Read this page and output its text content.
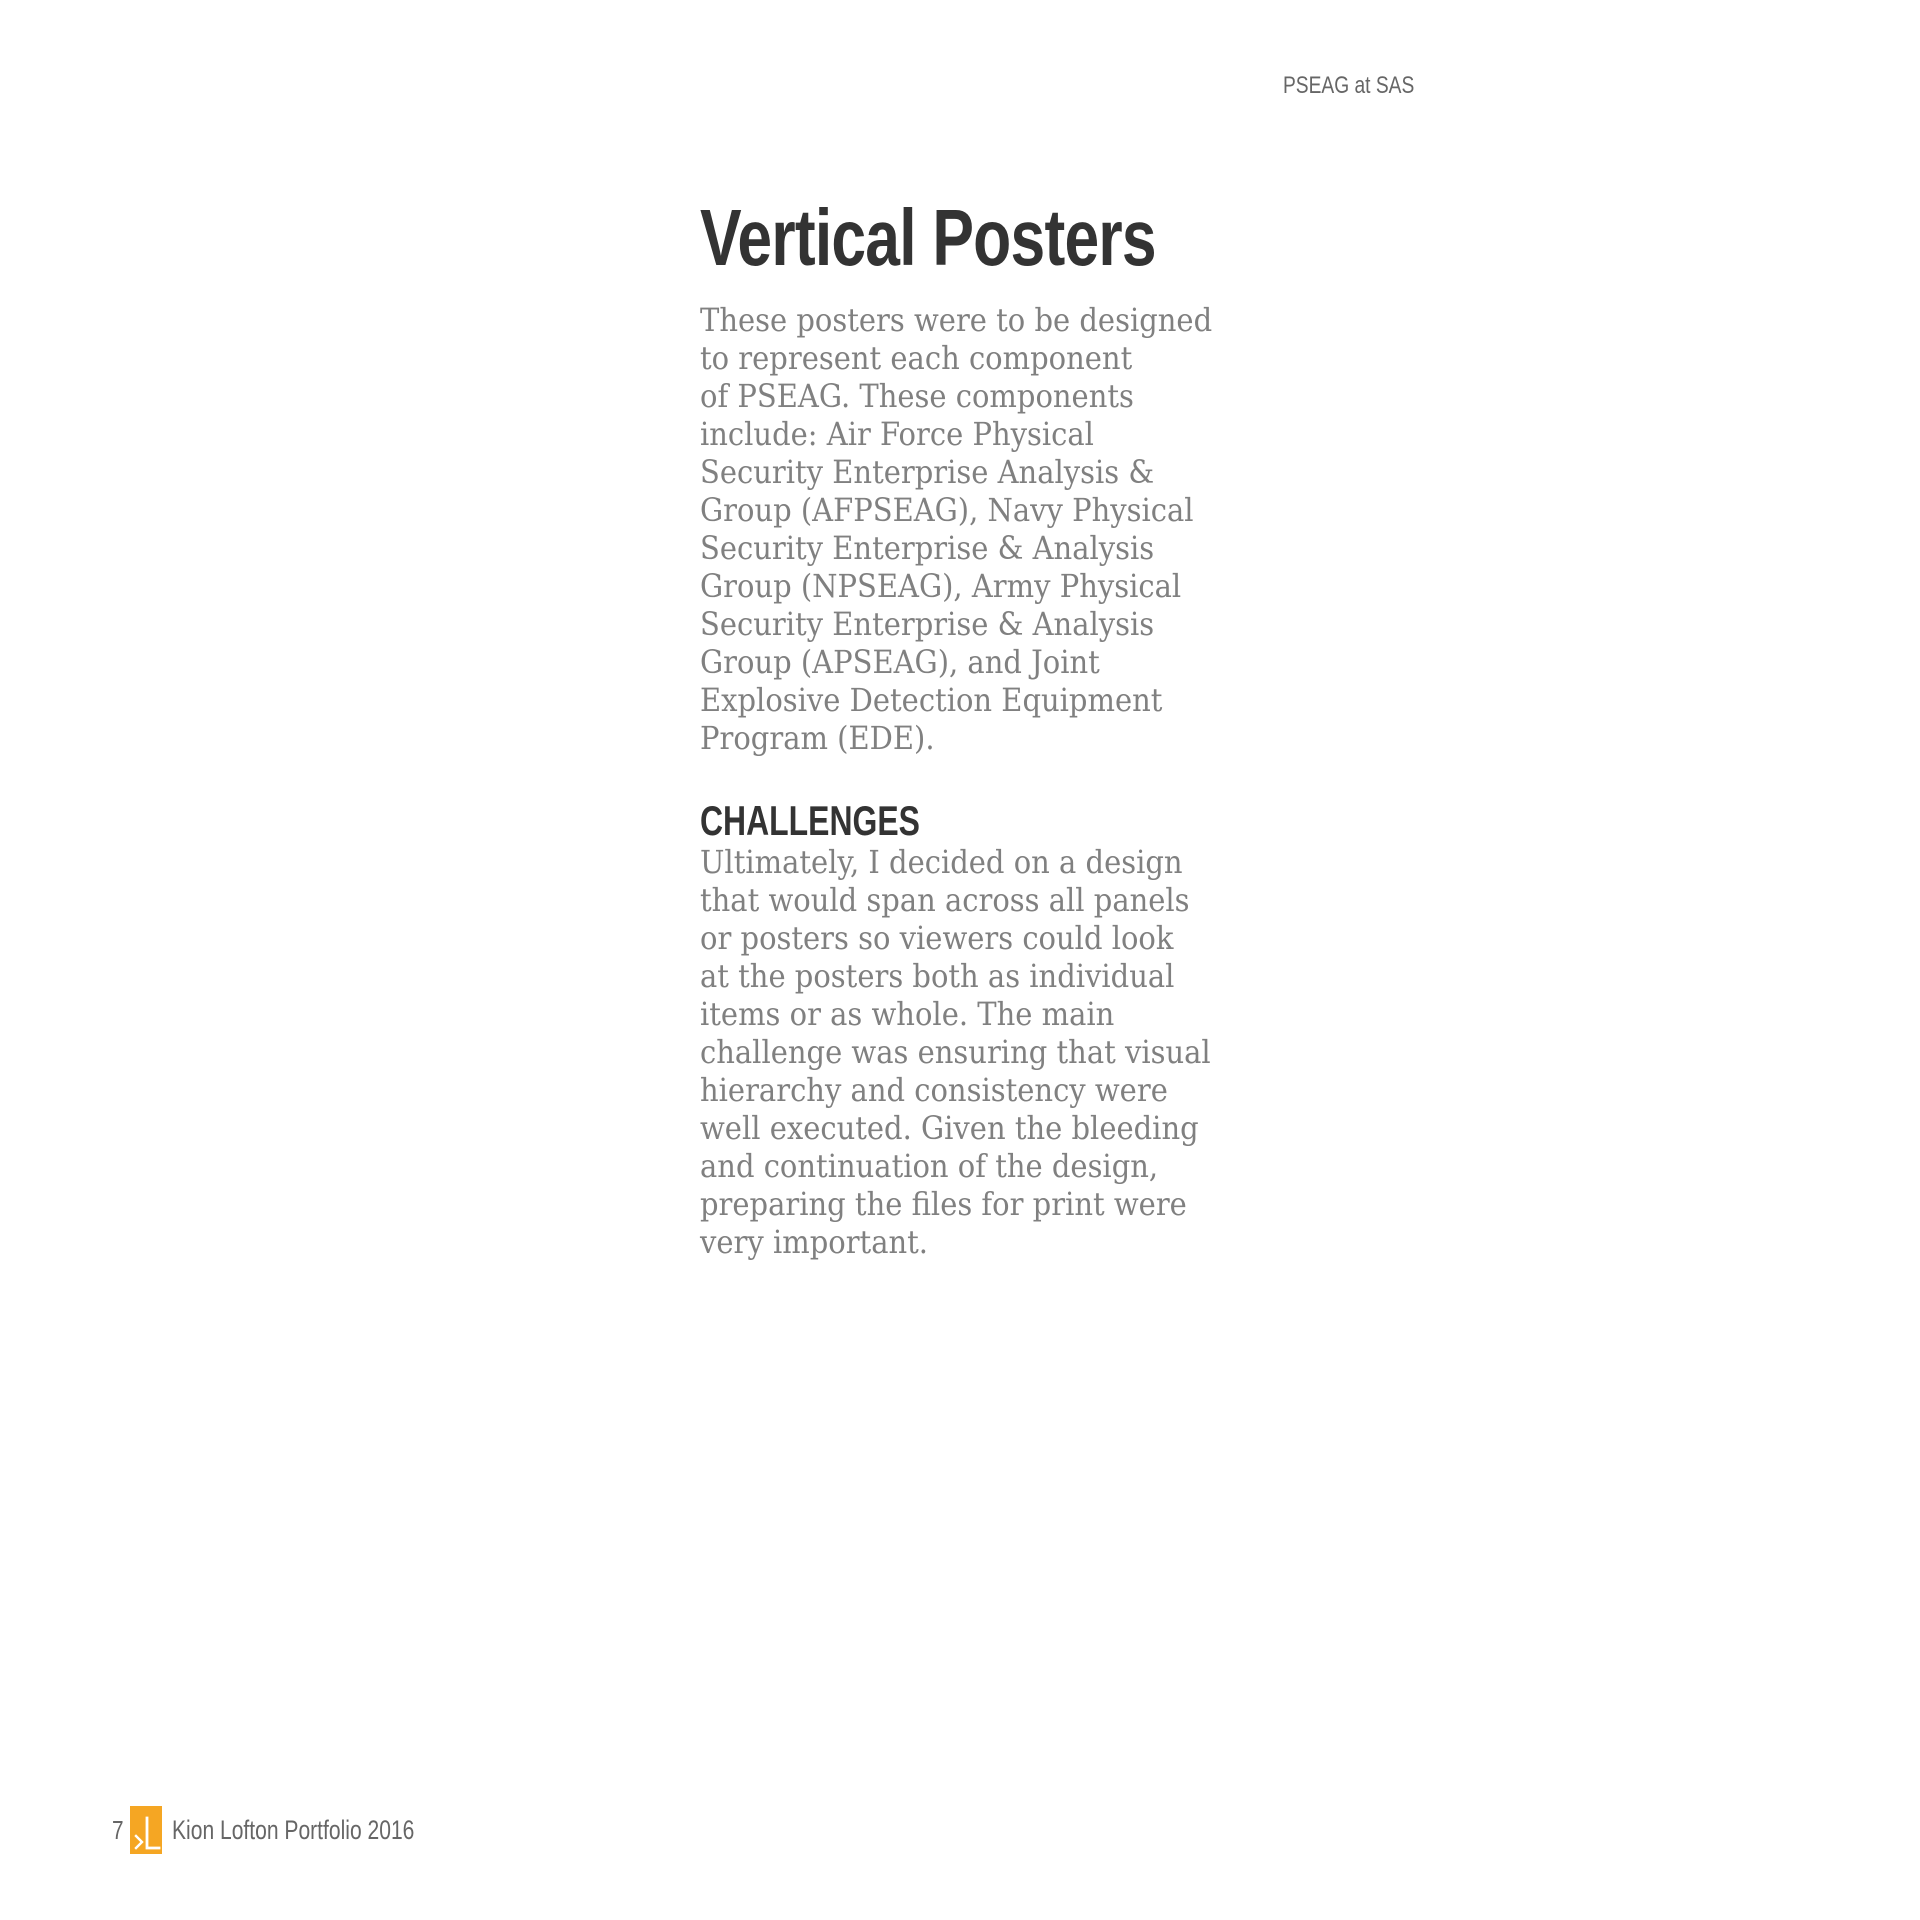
PSEAG at SAS
Vertical Posters

These posters were to be designed
to represent each component
of PSEAG. These components
include: Air Force Physical
Security Enterprise Analysis &
Group (AFPSEAG), Navy Physical
Security Enterprise & Analysis
Group (NPSEAG), Army Physical
Security Enterprise & Analysis
Group (APSEAG), and Joint
Explosive Detection Equipment
Program (EDE).

CHALLENGES

Ultimately, I decided on a design
that would span across all panels
or posters so viewers could look
at the posters both as individual
items or as whole. The main
challenge was ensuring that visual
hierarchy and consistency were
well executed. Given the bleeding
and continuation of the design,
preparing the files for print were
very important.

7 Kion Lofton Portfolio 2016
